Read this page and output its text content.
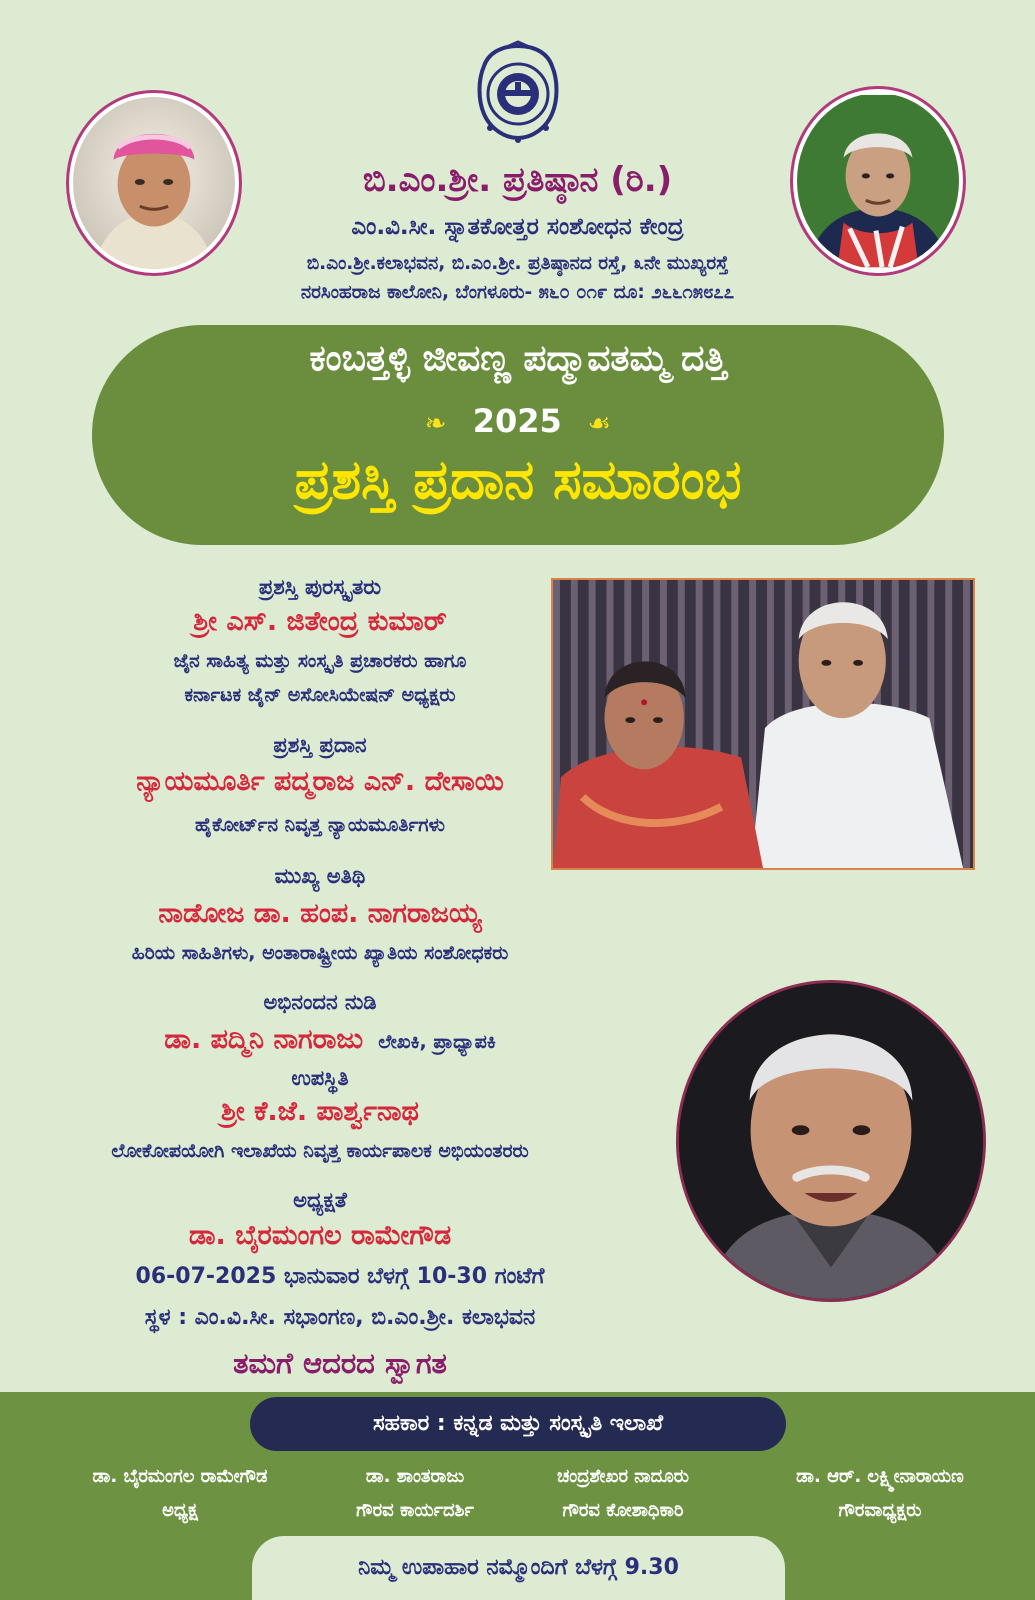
ಬಿ.ಎಂ.ಶ್ರೀ. ಪ್ರತಿಷ್ಠಾನ (ರಿ.)
ಎಂ.ವಿ.ಸೀ. ಸ್ನಾತಕೋತ್ತರ ಸಂಶೋಧನ ಕೇಂದ್ರ
ಬಿ.ಎಂ.ಶ್ರೀ.ಕಲಾಭವನ, ಬಿ.ಎಂ.ಶ್ರೀ. ಪ್ರತಿಷ್ಠಾನದ ರಸ್ತೆ, ೩ನೇ ಮುಖ್ಯರಸ್ತೆ
ನರಸಿಂಹರಾಜ ಕಾಲೋನಿ, ಬೆಂಗಳೂರು- ೫೬೦ ೦೧೯ ದೂ: ೨೬೬೧೫೮೭೭
ಕಂಬತ್ತಳ್ಳಿ ಜೀವಣ್ಣ ಪದ್ಮಾವತಮ್ಮ ದತ್ತಿ
❧ 2025 ☙
ಪ್ರಶಸ್ತಿ ಪ್ರದಾನ ಸಮಾರಂಭ
ಪ್ರಶಸ್ತಿ ಪುರಸ್ಕೃತರು
ಶ್ರೀ ಎಸ್. ಜಿತೇಂದ್ರ ಕುಮಾರ್
ಜೈನ ಸಾಹಿತ್ಯ ಮತ್ತು ಸಂಸ್ಕೃತಿ ಪ್ರಚಾರಕರು ಹಾಗೂ
ಕರ್ನಾಟಕ ಜೈನ್ ಅಸೋಸಿಯೇಷನ್ ಅಧ್ಯಕ್ಷರು
ಪ್ರಶಸ್ತಿ ಪ್ರದಾನ
ನ್ಯಾಯಮೂರ್ತಿ ಪದ್ಮರಾಜ ಎನ್. ದೇಸಾಯಿ
ಹೈಕೋರ್ಟ್‌ನ ನಿವೃತ್ತ ನ್ಯಾಯಮೂರ್ತಿಗಳು
ಮುಖ್ಯ ಅತಿಥಿ
ನಾಡೋಜ ಡಾ. ಹಂಪ. ನಾಗರಾಜಯ್ಯ
ಹಿರಿಯ ಸಾಹಿತಿಗಳು, ಅಂತಾರಾಷ್ಟ್ರೀಯ ಖ್ಯಾತಿಯ ಸಂಶೋಧಕರು
ಅಭಿನಂದನ ನುಡಿ
ಡಾ. ಪದ್ಮಿನಿ ನಾಗರಾಜು ಲೇಖಕಿ, ಪ್ರಾಧ್ಯಾಪಕಿ
ಉಪಸ್ಥಿತಿ
ಶ್ರೀ ಕೆ.ಜೆ. ಪಾರ್ಶ್ವನಾಥ
ಲೋಕೋಪಯೋಗಿ ಇಲಾಖೆಯ ನಿವೃತ್ತ ಕಾರ್ಯಪಾಲಕ ಅಭಿಯಂತರರು
ಅಧ್ಯಕ್ಷತೆ
ಡಾ. ಬೈರಮಂಗಲ ರಾಮೇಗೌಡ
06-07-2025 ಭಾನುವಾರ ಬೆಳಗ್ಗೆ 10-30 ಗಂಟೆಗೆ
ಸ್ಥಳ : ಎಂ.ವಿ.ಸೀ. ಸಭಾಂಗಣ, ಬಿ.ಎಂ.ಶ್ರೀ. ಕಲಾಭವನ
ತಮಗೆ ಆದರದ ಸ್ವಾಗತ
ಸಹಕಾರ : ಕನ್ನಡ ಮತ್ತು ಸಂಸ್ಕೃತಿ ಇಲಾಖೆ
ಡಾ. ಬೈರಮಂಗಲ ರಾಮೇಗೌಡ
ಅಧ್ಯಕ್ಷ
ಡಾ. ಶಾಂತರಾಜು
ಗೌರವ ಕಾರ್ಯದರ್ಶಿ
ಚಂದ್ರಶೇಖರ ನಾದೂರು
ಗೌರವ ಕೋಶಾಧಿಕಾರಿ
ಡಾ. ಆರ್. ಲಕ್ಷ್ಮೀನಾರಾಯಣ
ಗೌರವಾಧ್ಯಕ್ಷರು
ನಿಮ್ಮ ಉಪಾಹಾರ ನಮ್ಮೊಂದಿಗೆ ಬೆಳಗ್ಗೆ 9.30
